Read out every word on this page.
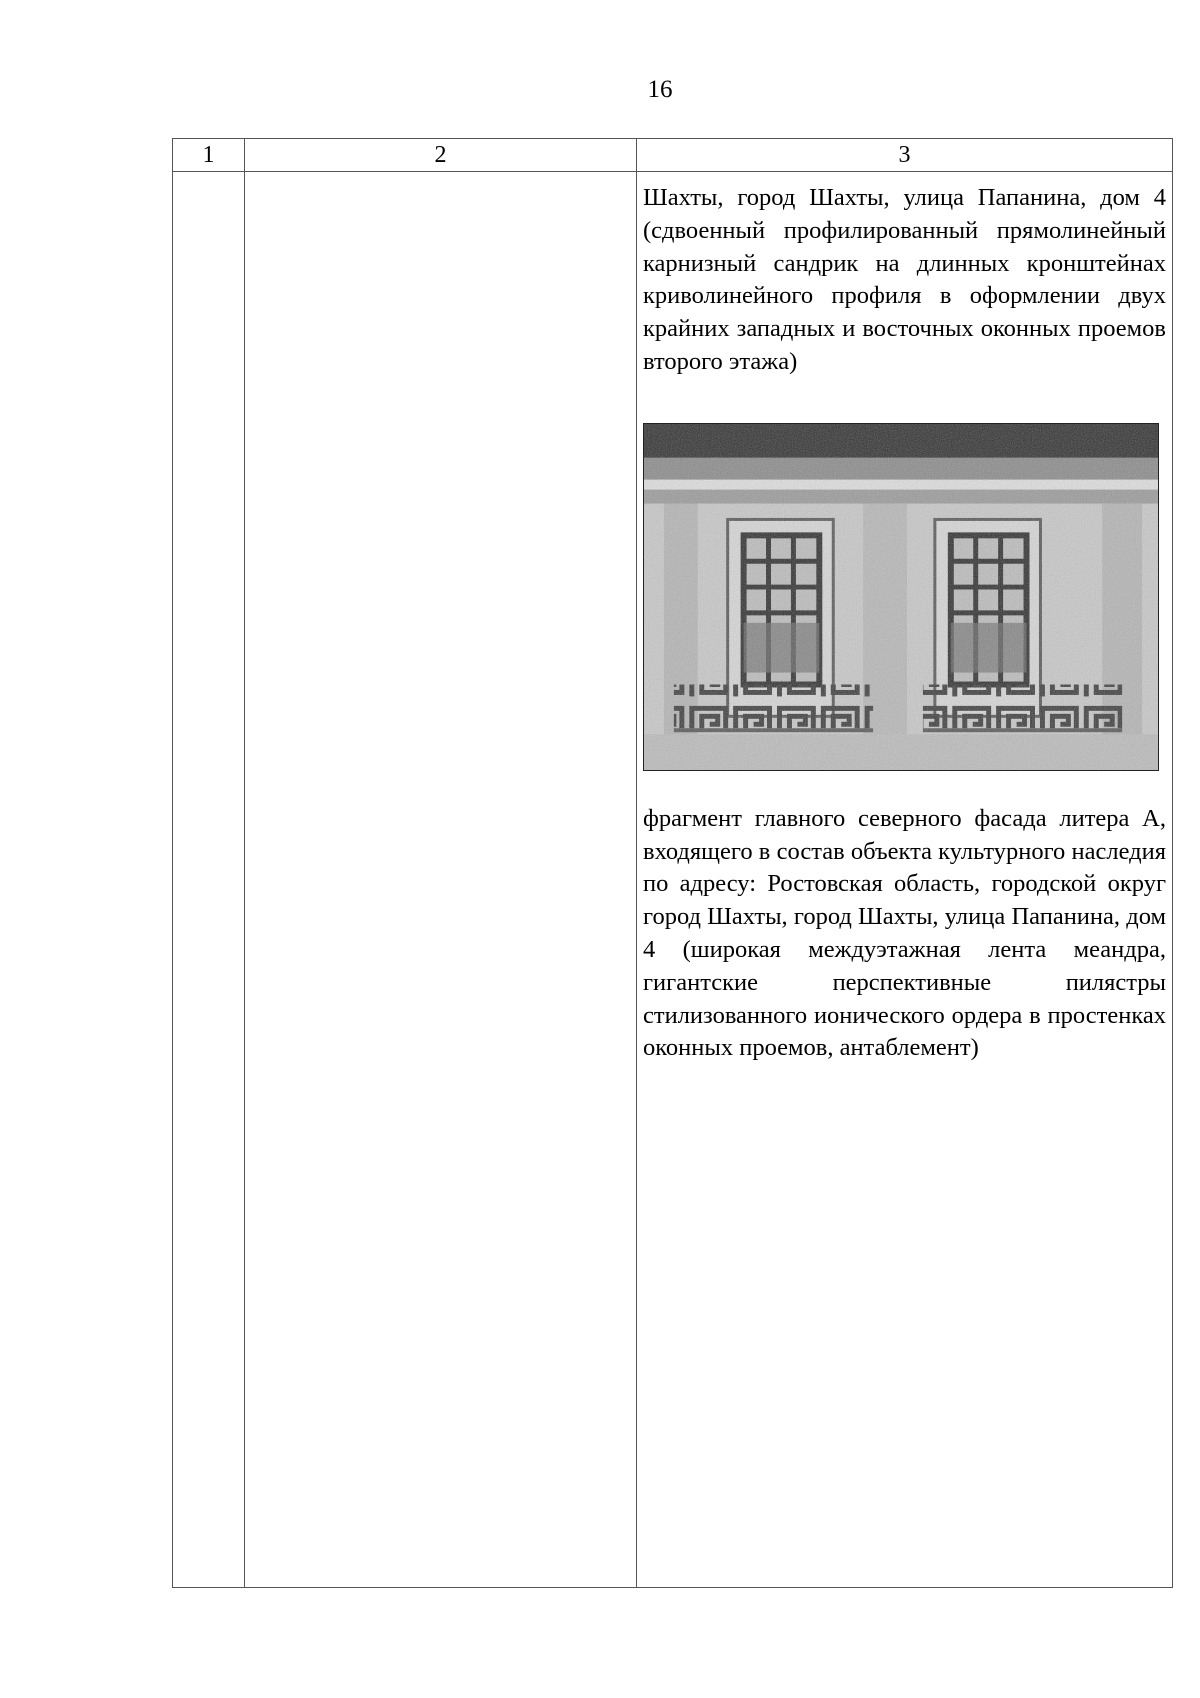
16
1	2	3

		Шахты, город Шахты, улица Папанина, дом 4 (сдвоенный профилированный прямолинейный карнизный сандрик на длинных кронштейнах криволинейного профиля в оформлении двух крайних западных и восточных оконных проемов второго этажа)

фрагмент главного северного фасада литера А, входящего в состав объекта культурного наследия по адресу: Ростовская область, городской округ город Шахты, город Шахты, улица Папанина, дом 4 (широкая междуэтажная лента меандра, гигантские перспективные пилястры стилизованного ионического ордера в простенках оконных проемов, антаблемент)
